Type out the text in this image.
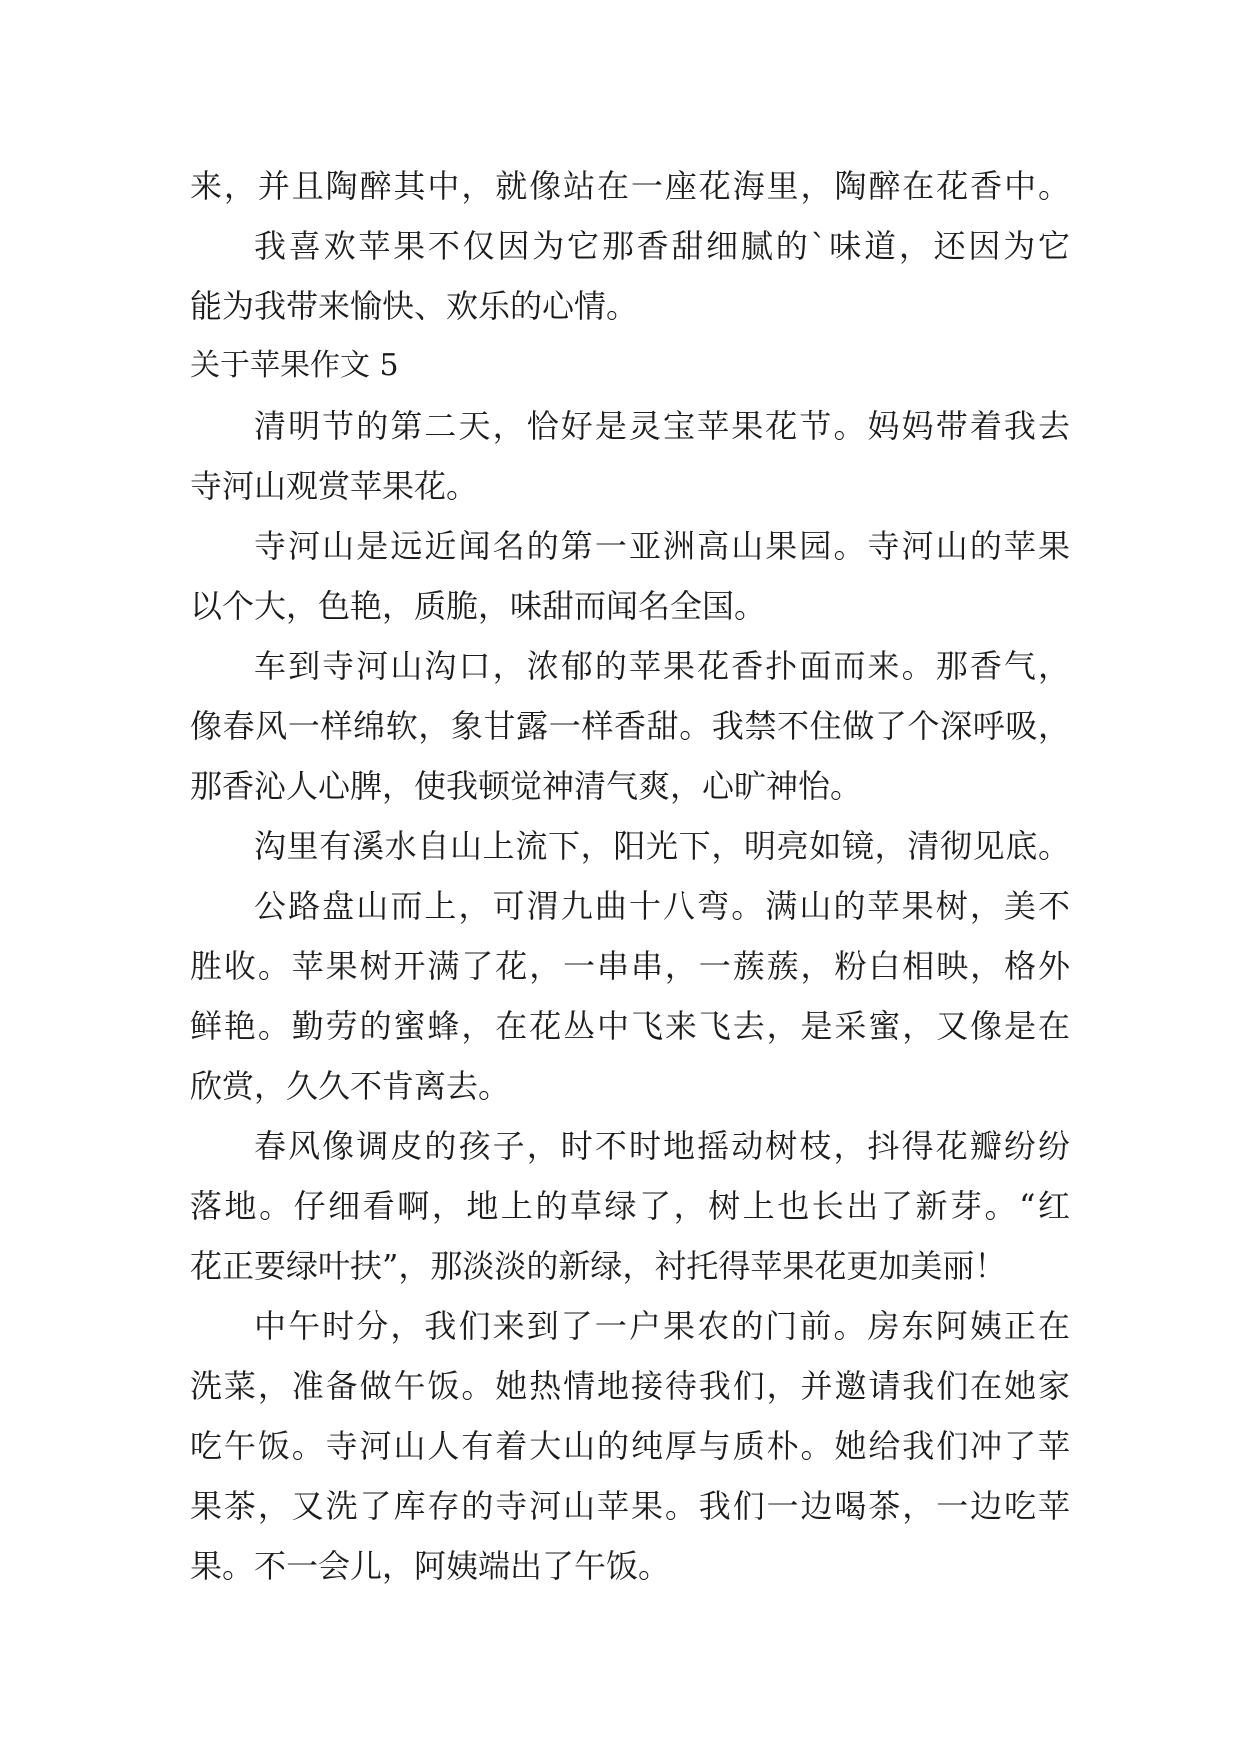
来，并且陶醉其中，就像站在一座花海里，陶醉在花香中。
我喜欢苹果不仅因为它那香甜细腻的`味道，还因为它
能为我带来愉快、欢乐的心情。
关于苹果作文 5
清明节的第二天，恰好是灵宝苹果花节。妈妈带着我去
寺河山观赏苹果花。
寺河山是远近闻名的第一亚洲高山果园。寺河山的苹果
以个大，色艳，质脆，味甜而闻名全国。
车到寺河山沟口，浓郁的苹果花香扑面而来。那香气，
像春风一样绵软，象甘露一样香甜。我禁不住做了个深呼吸，
那香沁人心脾，使我顿觉神清气爽，心旷神怡。
沟里有溪水自山上流下，阳光下，明亮如镜，清彻见底。
公路盘山而上，可渭九曲十八弯。满山的苹果树，美不
胜收。苹果树开满了花，一串串，一蔟蔟，粉白相映，格外
鲜艳。勤劳的蜜蜂，在花丛中飞来飞去，是采蜜，又像是在
欣赏，久久不肯离去。
春风像调皮的孩子，时不时地摇动树枝，抖得花瓣纷纷
落地。仔细看啊，地上的草绿了，树上也长出了新芽。“红
花正要绿叶扶”，那淡淡的新绿，衬托得苹果花更加美丽！
中午时分，我们来到了一户果农的门前。房东阿姨正在
洗菜，准备做午饭。她热情地接待我们，并邀请我们在她家
吃午饭。寺河山人有着大山的纯厚与质朴。她给我们冲了苹
果茶，又洗了库存的寺河山苹果。我们一边喝茶，一边吃苹
果。不一会儿，阿姨端出了午饭。
